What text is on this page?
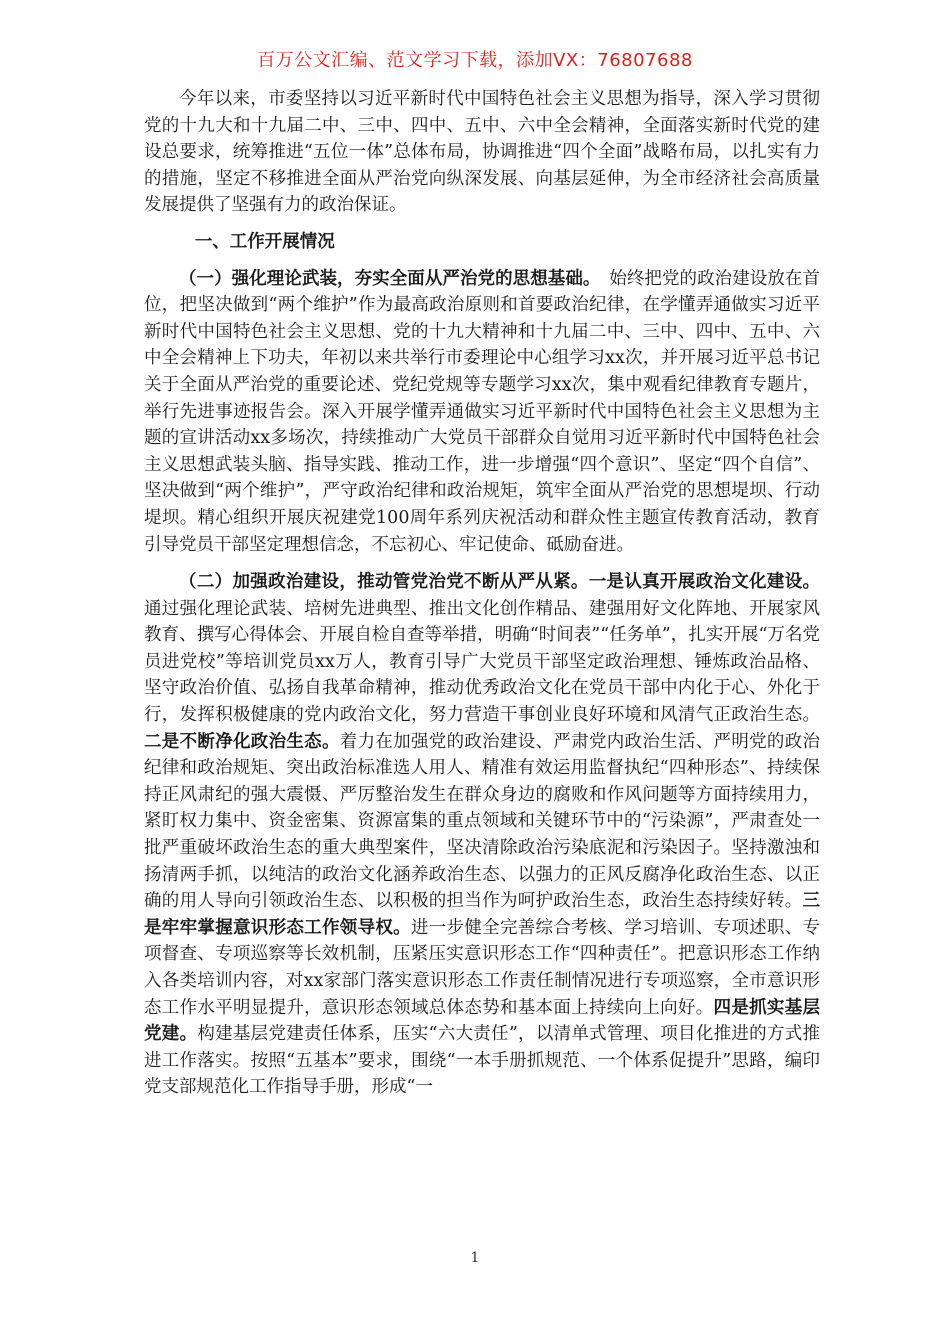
百万公文汇编、范文学习下载，添加VX：76807688

今年以来，市委坚持以习近平新时代中国特色社会主义思想为指导，深入学习贯彻党的十九大和十九届二中、三中、四中、五中、六中全会精神，全面落实新时代党的建设总要求，统筹推进“五位一体”总体布局，协调推进“四个全面”战略布局，以扎实有力的措施，坚定不移推进全面从严治党向纵深发展、向基层延伸，为全市经济社会高质量发展提供了坚强有力的政治保证。

一、工作开展情况

（一）强化理论武装，夯实全面从严治党的思想基础。　始终把党的政治建设放在首位，把坚决做到“两个维护”作为最高政治原则和首要政治纪律，在学懂弄通做实习近平新时代中国特色社会主义思想、党的十九大精神和十九届二中、三中、四中、五中、六中全会精神上下功夫，年初以来共举行市委理论中心组学习xx次，并开展习近平总书记关于全面从严治党的重要论述、党纪党规等专题学习xx次，集中观看纪律教育专题片，举行先进事迹报告会。深入开展学懂弄通做实习近平新时代中国特色社会主义思想为主题的宣讲活动xx多场次，持续推动广大党员干部群众自觉用习近平新时代中国特色社会主义思想武装头脑、指导实践、推动工作，进一步增强“四个意识”、坚定“四个自信”、坚决做到“两个维护”，严守政治纪律和政治规矩，筑牢全面从严治党的思想堤坝、行动堤坝。精心组织开展庆祝建党100周年系列庆祝活动和群众性主题宣传教育活动，教育引导党员干部坚定理想信念，不忘初心、牢记使命、砥励奋进。

（二）加强政治建设，推动管党治党不断从严从紧。一是认真开展政治文化建设。通过强化理论武装、培树先进典型、推出文化创作精品、建强用好文化阵地、开展家风教育、撰写心得体会、开展自检自查等举措，明确“时间表”“任务单”，扎实开展“万名党员进党校”等培训党员xx万人，教育引导广大党员干部坚定政治理想、锤炼政治品格、坚守政治价值、弘扬自我革命精神，推动优秀政治文化在党员干部中内化于心、外化于行，发挥积极健康的党内政治文化，努力营造干事创业良好环境和风清气正政治生态。二是不断净化政治生态。着力在加强党的政治建设、严肃党内政治生活、严明党的政治纪律和政治规矩、突出政治标准选人用人、精准有效运用监督执纪“四种形态”、持续保持正风肃纪的强大震慑、严厉整治发生在群众身边的腐败和作风问题等方面持续用力，紧盯权力集中、资金密集、资源富集的重点领域和关键环节中的“污染源”，严肃查处一批严重破坏政治生态的重大典型案件，坚决清除政治污染底泥和污染因子。坚持激浊和扬清两手抓，以纯洁的政治文化涵养政治生态、以强力的正风反腐净化政治生态、以正确的用人导向引领政治生态、以积极的担当作为呵护政治生态，政治生态持续好转。三是牢牢掌握意识形态工作领导权。进一步健全完善综合考核、学习培训、专项述职、专项督查、专项巡察等长效机制，压紧压实意识形态工作“四种责任”。把意识形态工作纳入各类培训内容，对xx家部门落实意识形态工作责任制情况进行专项巡察，全市意识形态工作水平明显提升，意识形态领域总体态势和基本面上持续向上向好。四是抓实基层党建。构建基层党建责任体系，压实“六大责任”，以清单式管理、项目化推进的方式推进工作落实。按照“五基本”要求，围绕“一本手册抓规范、一个体系促提升”思路，编印党支部规范化工作指导手册，形成“一

1
